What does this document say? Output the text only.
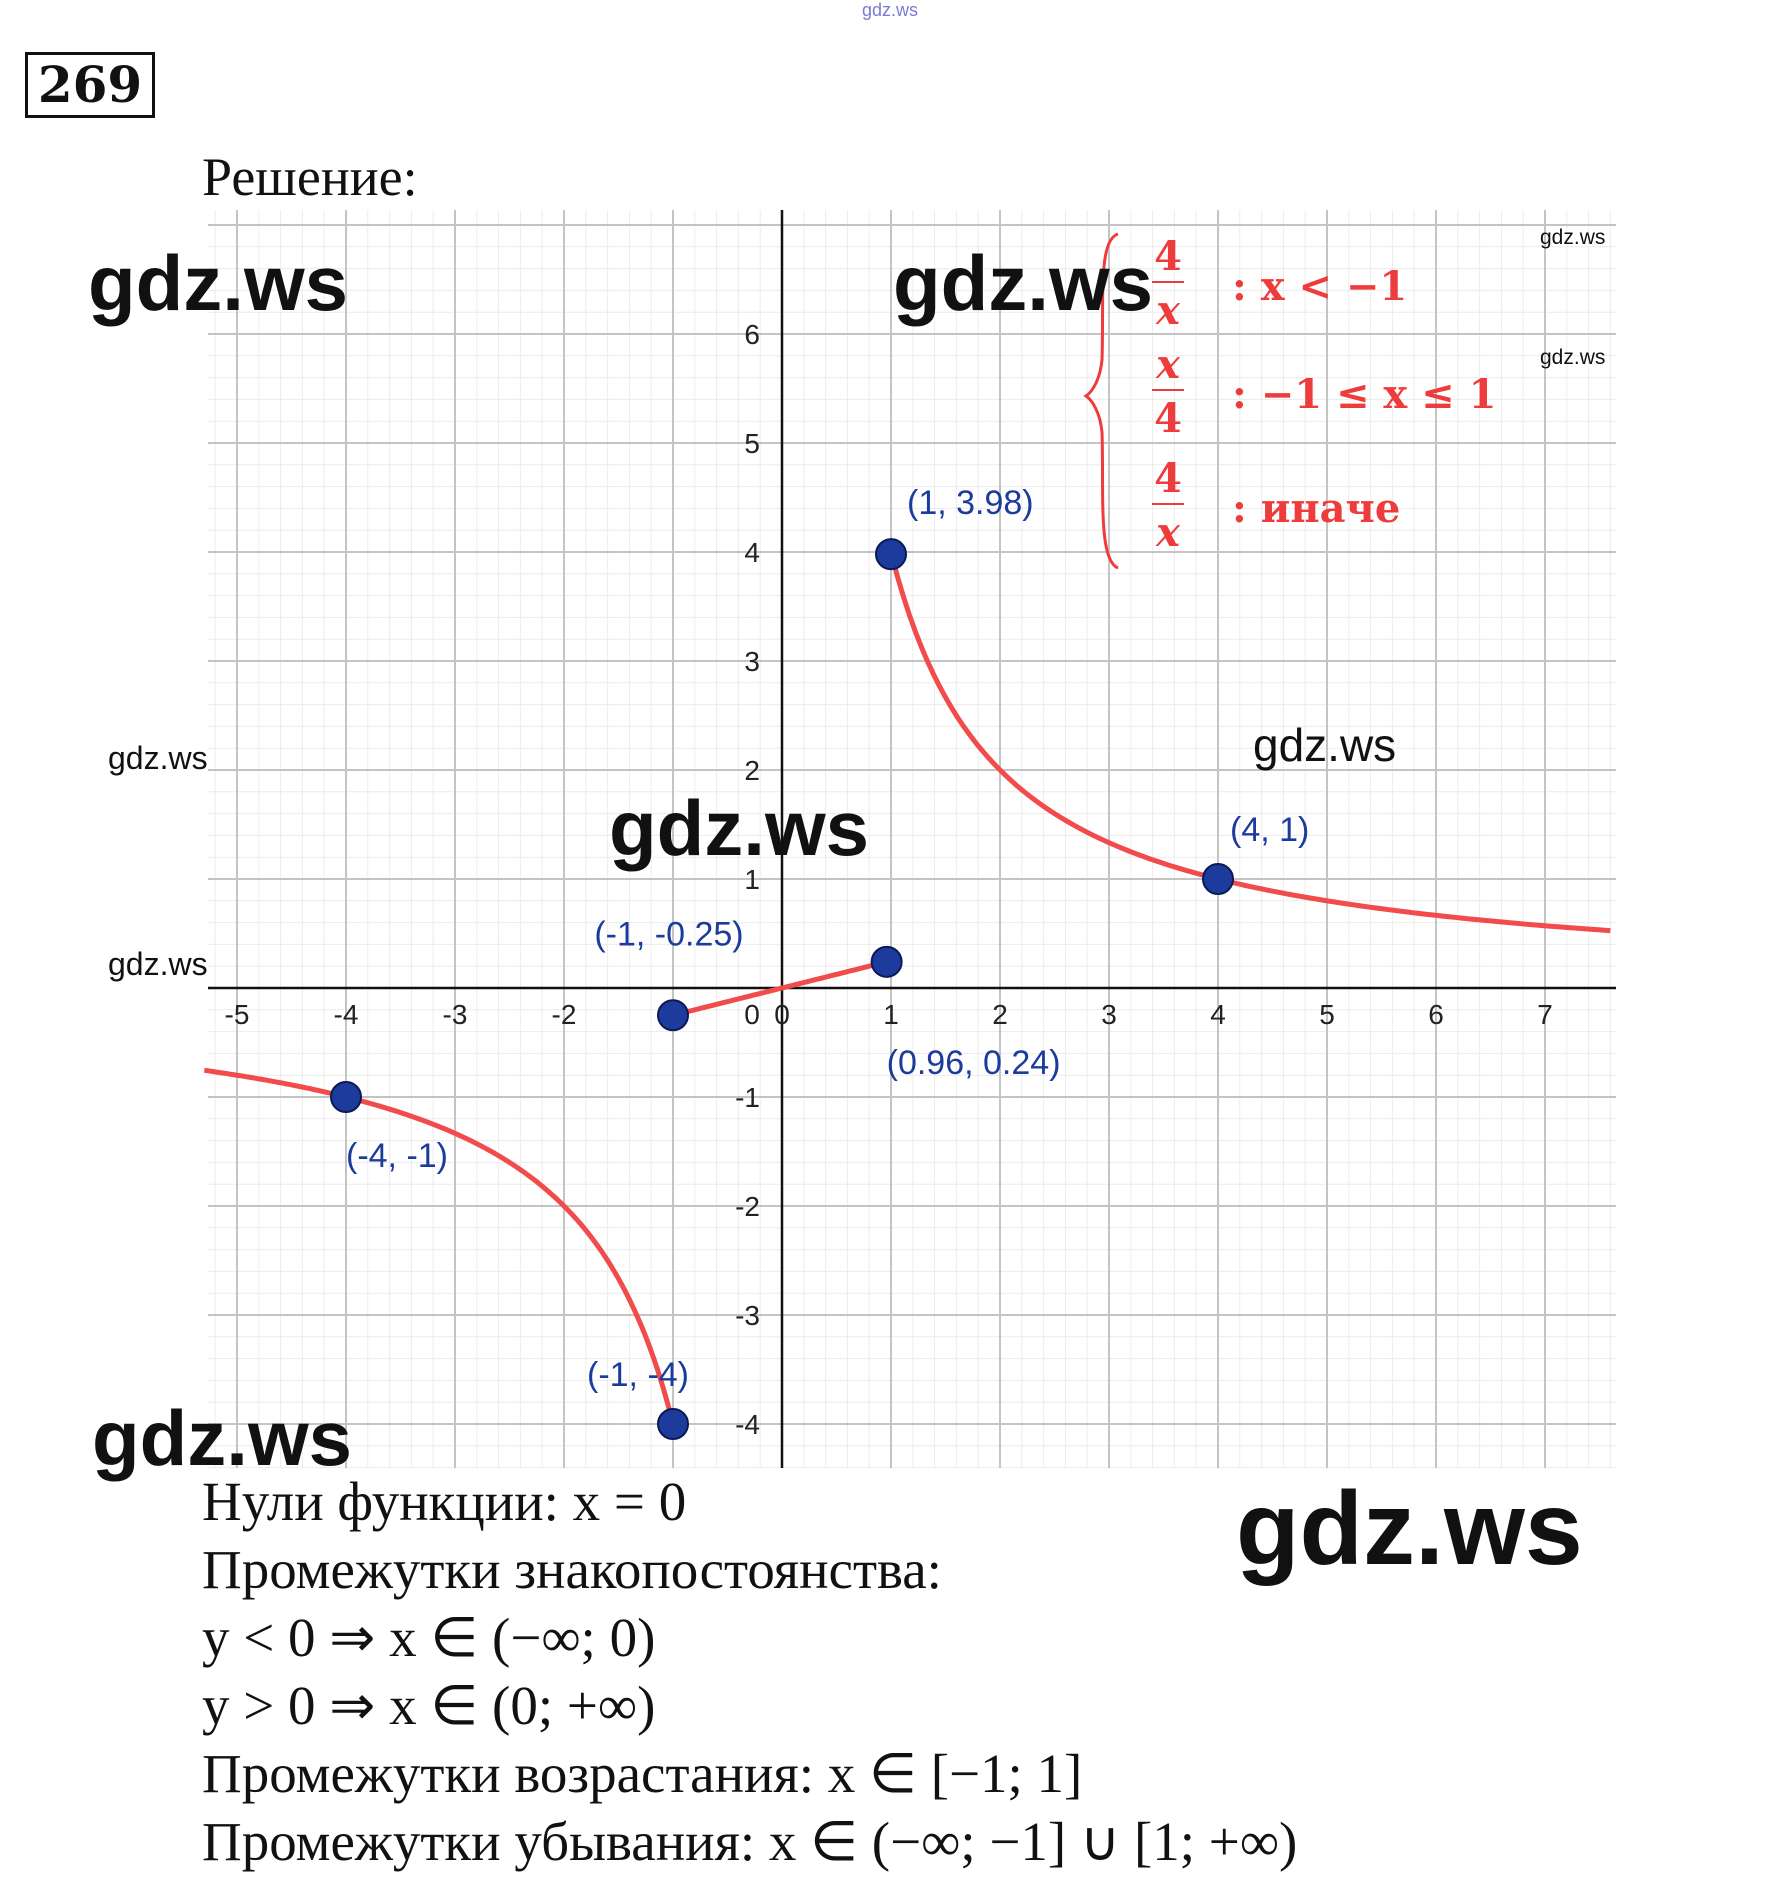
gdz.ws
269
Решение:
-5	-4	-3	-2	0	1	2	3	4	5	6	7
0
6
5
4
3
2
1
-1
-2
-3
-4
(1, 3.98)
(4, 1)
(0.96, 0.24)
(-1, -0.25)
(-4, -1)
(-1, -4)
4
x
: x < −1
x
4
: −1 ≤ x ≤ 1
4
x
: иначе
gdz.ws	gdz.ws
gdz.ws
gdz.ws
gdz.ws	gdz.ws
gdz.ws
gdz.ws
gdz.ws
gdz.ws
Нули функции: x = 0
Промежутки знакопостоянства:
y < 0 ⇒ x ∈ (−∞; 0)
y > 0 ⇒ x ∈ (0; +∞)
Промежутки возрастания: x ∈ [−1; 1]
Промежутки убывания: x ∈ (−∞; −1] ∪ [1; +∞)
